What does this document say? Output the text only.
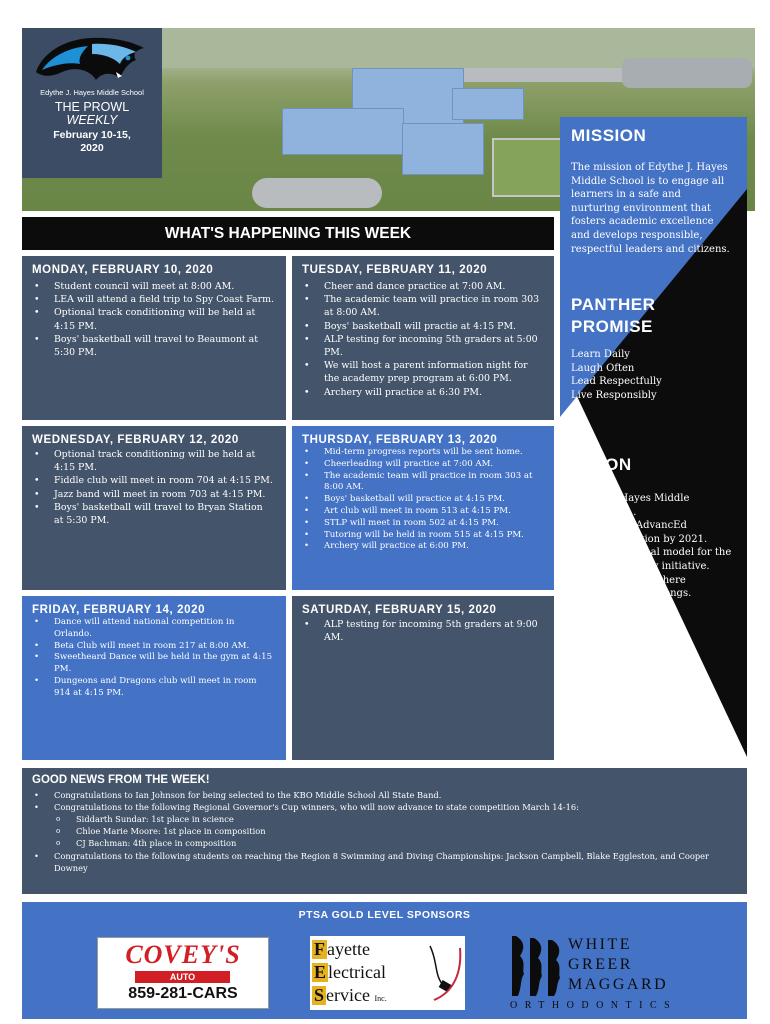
Edythe J. Hayes Middle School
THE PROWL
WEEKLY
February 10-15,
2020
MISSION
The mission of Edythe J. Hayes Middle School is to engage all learners in a safe and nurturing environment that fosters academic excellence and develops responsible, respectful leaders and citizens.
PANTHER
PROMISE
Learn Daily
Laugh Often
Lead Respectfully
Live Responsibly
VISION
Edythe J. Hayes Middle School will…
• Receive AdvancEd accreditation by 2021.
• Be a national model for the pre-academy initiative.
• Be a school where everybody belongs.
CSIP LINKS
• Proficiency Goal
• Separate Academic Indicator Goal
• Gap Goal
• Growth Goal
WHAT'S HAPPENING THIS WEEK
MONDAY, FEBRUARY 10, 2020
• Student council will meet at 8:00 AM.
• LEA will attend a field trip to Spy Coast Farm.
• Optional track conditioning will be held at 4:15 PM.
• Boys' basketball will travel to Beaumont at 5:30 PM.
TUESDAY, FEBRUARY 11, 2020
• Cheer and dance practice at 7:00 AM.
• The academic team will practice in room 303 at 8:00 AM.
• Boys' basketball will practie at 4:15 PM.
• ALP testing for incoming 5th graders at 5:00 PM.
• We will host a parent information night for the academy prep program at 6:00 PM.
• Archery will practice at 6:30 PM.
WEDNESDAY, FEBRUARY 12, 2020
• Optional track conditioning will be held at 4:15 PM.
• Fiddle club will meet in room 704 at 4:15 PM.
• Jazz band will meet in room 703 at 4:15 PM.
• Boys' basketball will travel to Bryan Station at 5:30 PM.
THURSDAY, FEBRUARY 13, 2020
• Mid-term progress reports will be sent home.
• Cheerleading will practice at 7:00 AM.
• The academic team will practice in room 303 at 8:00 AM.
• Boys' basketball will practice at 4:15 PM.
• Art club will meet in room 513 at 4:15 PM.
• STLP will meet in room 502 at 4:15 PM.
• Tutoring will be held in room 515 at 4:15 PM.
• Archery will practice at 6:00 PM.
FRIDAY, FEBRUARY 14, 2020
• Dance will attend national competition in Orlando.
• Beta Club will meet in room 217 at 8:00 AM.
• Sweetheard Dance will be held in the gym at 4:15 PM.
• Dungeons and Dragons club will meet in room 914 at 4:15 PM.
SATURDAY, FEBRUARY 15, 2020
• ALP testing for incoming 5th graders at 9:00 AM.
GOOD NEWS FROM THE WEEK!
• Congratulations to Ian Johnson for being selected to the KBO Middle School All State Band.
• Congratulations to the following Regional Governor's Cup winners, who will now advance to state competition March 14-16:
o Siddarth Sundar: 1st place in science
o Chloe Marie Moore: 1st place in composition
o CJ Bachman: 4th place in composition
• Congratulations to the following students on reaching the Region 8 Swimming and Diving Championships: Jackson Campbell, Blake Eggleston, and Cooper Downey
PTSA GOLD LEVEL SPONSORS
COVEY'S
AUTO
859-281-CARS
F ayette
E lectrical
S ervice Inc.
WHITE
GREER
MAGGARD
ORTHODONTICS
